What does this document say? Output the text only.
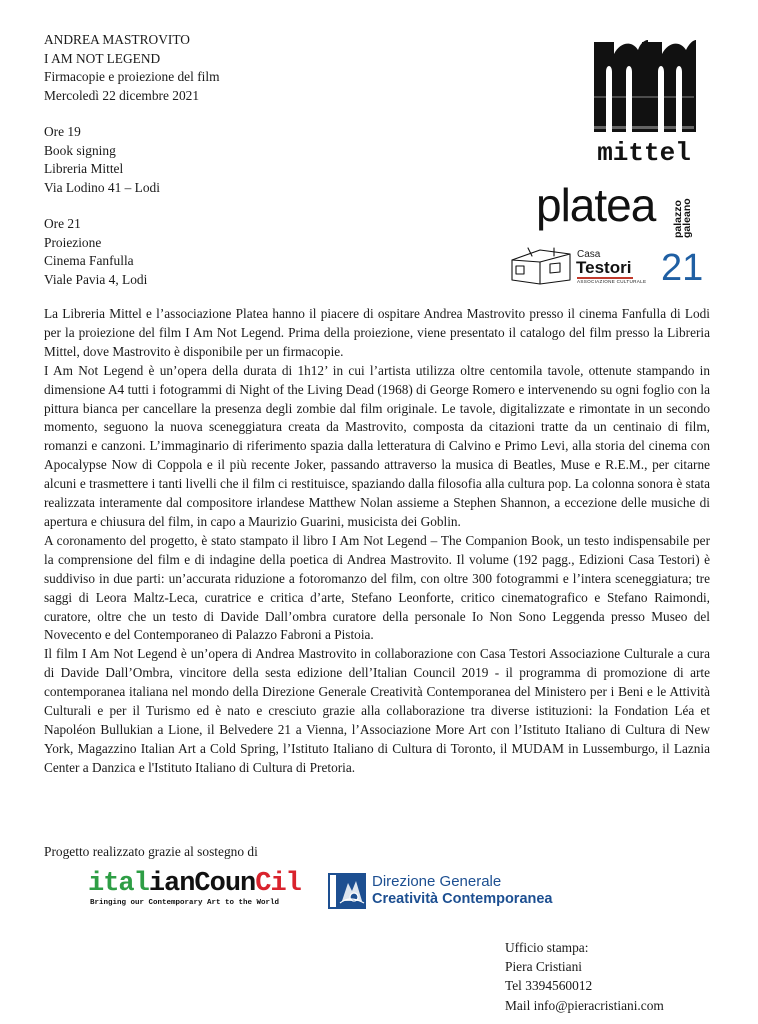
ANDREA MASTROVITO
I AM NOT LEGEND
Firmacopie e proiezione del film
Mercoledì 22 dicembre 2021
Ore 19
Book signing
Libreria Mittel
Via Lodino 41 – Lodi
Ore 21
Proiezione
Cinema Fanfulla
Viale Pavia 4, Lodi
mittel
platea palazzo
galeano
Casa
Testori
ASSOCIAZIONE CULTURALE 21

La Libreria Mittel e l’associazione Platea hanno il piacere di ospitare Andrea Mastrovito presso il cinema Fanfulla di Lodi per la proiezione del film I Am Not Legend. Prima della proiezione, viene presentato il catalogo del film presso la Libreria Mittel, dove Mastrovito è disponibile per un firmacopie.

I Am Not Legend è un’opera della durata di 1h12’ in cui l’artista utilizza oltre centomila tavole, ottenute stampando in dimensione A4 tutti i fotogrammi di Night of the Living Dead (1968) di George Romero e intervenendo su ogni foglio con la pittura bianca per cancellare la presenza degli zombie dal film originale. Le tavole, digitalizzate e rimontate in un secondo momento, seguono la nuova sceneggiatura creata da Mastrovito, composta da citazioni tratte da un centinaio di film, romanzi e canzoni. L’immaginario di riferimento spazia dalla letteratura di Calvino e Primo Levi, alla storia del cinema con Apocalypse Now di Coppola e il più recente Joker, passando attraverso la musica di Beatles, Muse e R.E.M., per citarne alcuni e trasmettere i tanti livelli che il film ci restituisce, spaziando dalla filosofia alla cultura pop. La colonna sonora è stata realizzata interamente dal compositore irlandese Matthew Nolan assieme a Stephen Shannon, a eccezione delle musiche di apertura e chiusura del film, in capo a Maurizio Guarini, musicista dei Goblin.

A coronamento del progetto, è stato stampato il libro I Am Not Legend – The Companion Book, un testo indispensabile per la comprensione del film e di indagine della poetica di Andrea Mastrovito. Il volume (192 pagg., Edizioni Casa Testori) è suddiviso in due parti: un’accurata riduzione a fotoromanzo del film, con oltre 300 fotogrammi e l’intera sceneggiatura; tre saggi di Leora Maltz-Leca, curatrice e critica d’arte, Stefano Leonforte, critico cinematografico e Stefano Raimondi, curatore, oltre che un testo di Davide Dall’ombra curatore della personale Io Non Sono Leggenda presso Museo del Novecento e del Contemporaneo di Palazzo Fabroni a Pistoia.

Il film I Am Not Legend è un’opera di Andrea Mastrovito in collaborazione con Casa Testori Associazione Culturale a cura di Davide Dall’Ombra, vincitore della sesta edizione dell’Italian Council 2019 - il programma di promozione di arte contemporanea italiana nel mondo della Direzione Generale Creatività Contemporanea del Ministero per i Beni e le Attività Culturali e per il Turismo ed è nato e cresciuto grazie alla collaborazione tra diverse istituzioni: la Fondation Léa et Napoléon Bullukian a Lione, il Belvedere 21 a Vienna, l’Associazione More Art con l’Istituto Italiano di Cultura di New York, Magazzino Italian Art a Cold Spring, l’Istituto Italiano di Cultura di Toronto, il MUDAM in Lussemburgo, il Laznia Center a Danzica e l'Istituto Italiano di Cultura di Pretoria.

Progetto realizzato grazie al sostegno di
italianCounCil
Bringing our Contemporary Art to the World
Direzione Generale
Creatività Contemporanea
Ufficio stampa:
Piera Cristiani
Tel 3394560012
Mail info@pieracristiani.com
